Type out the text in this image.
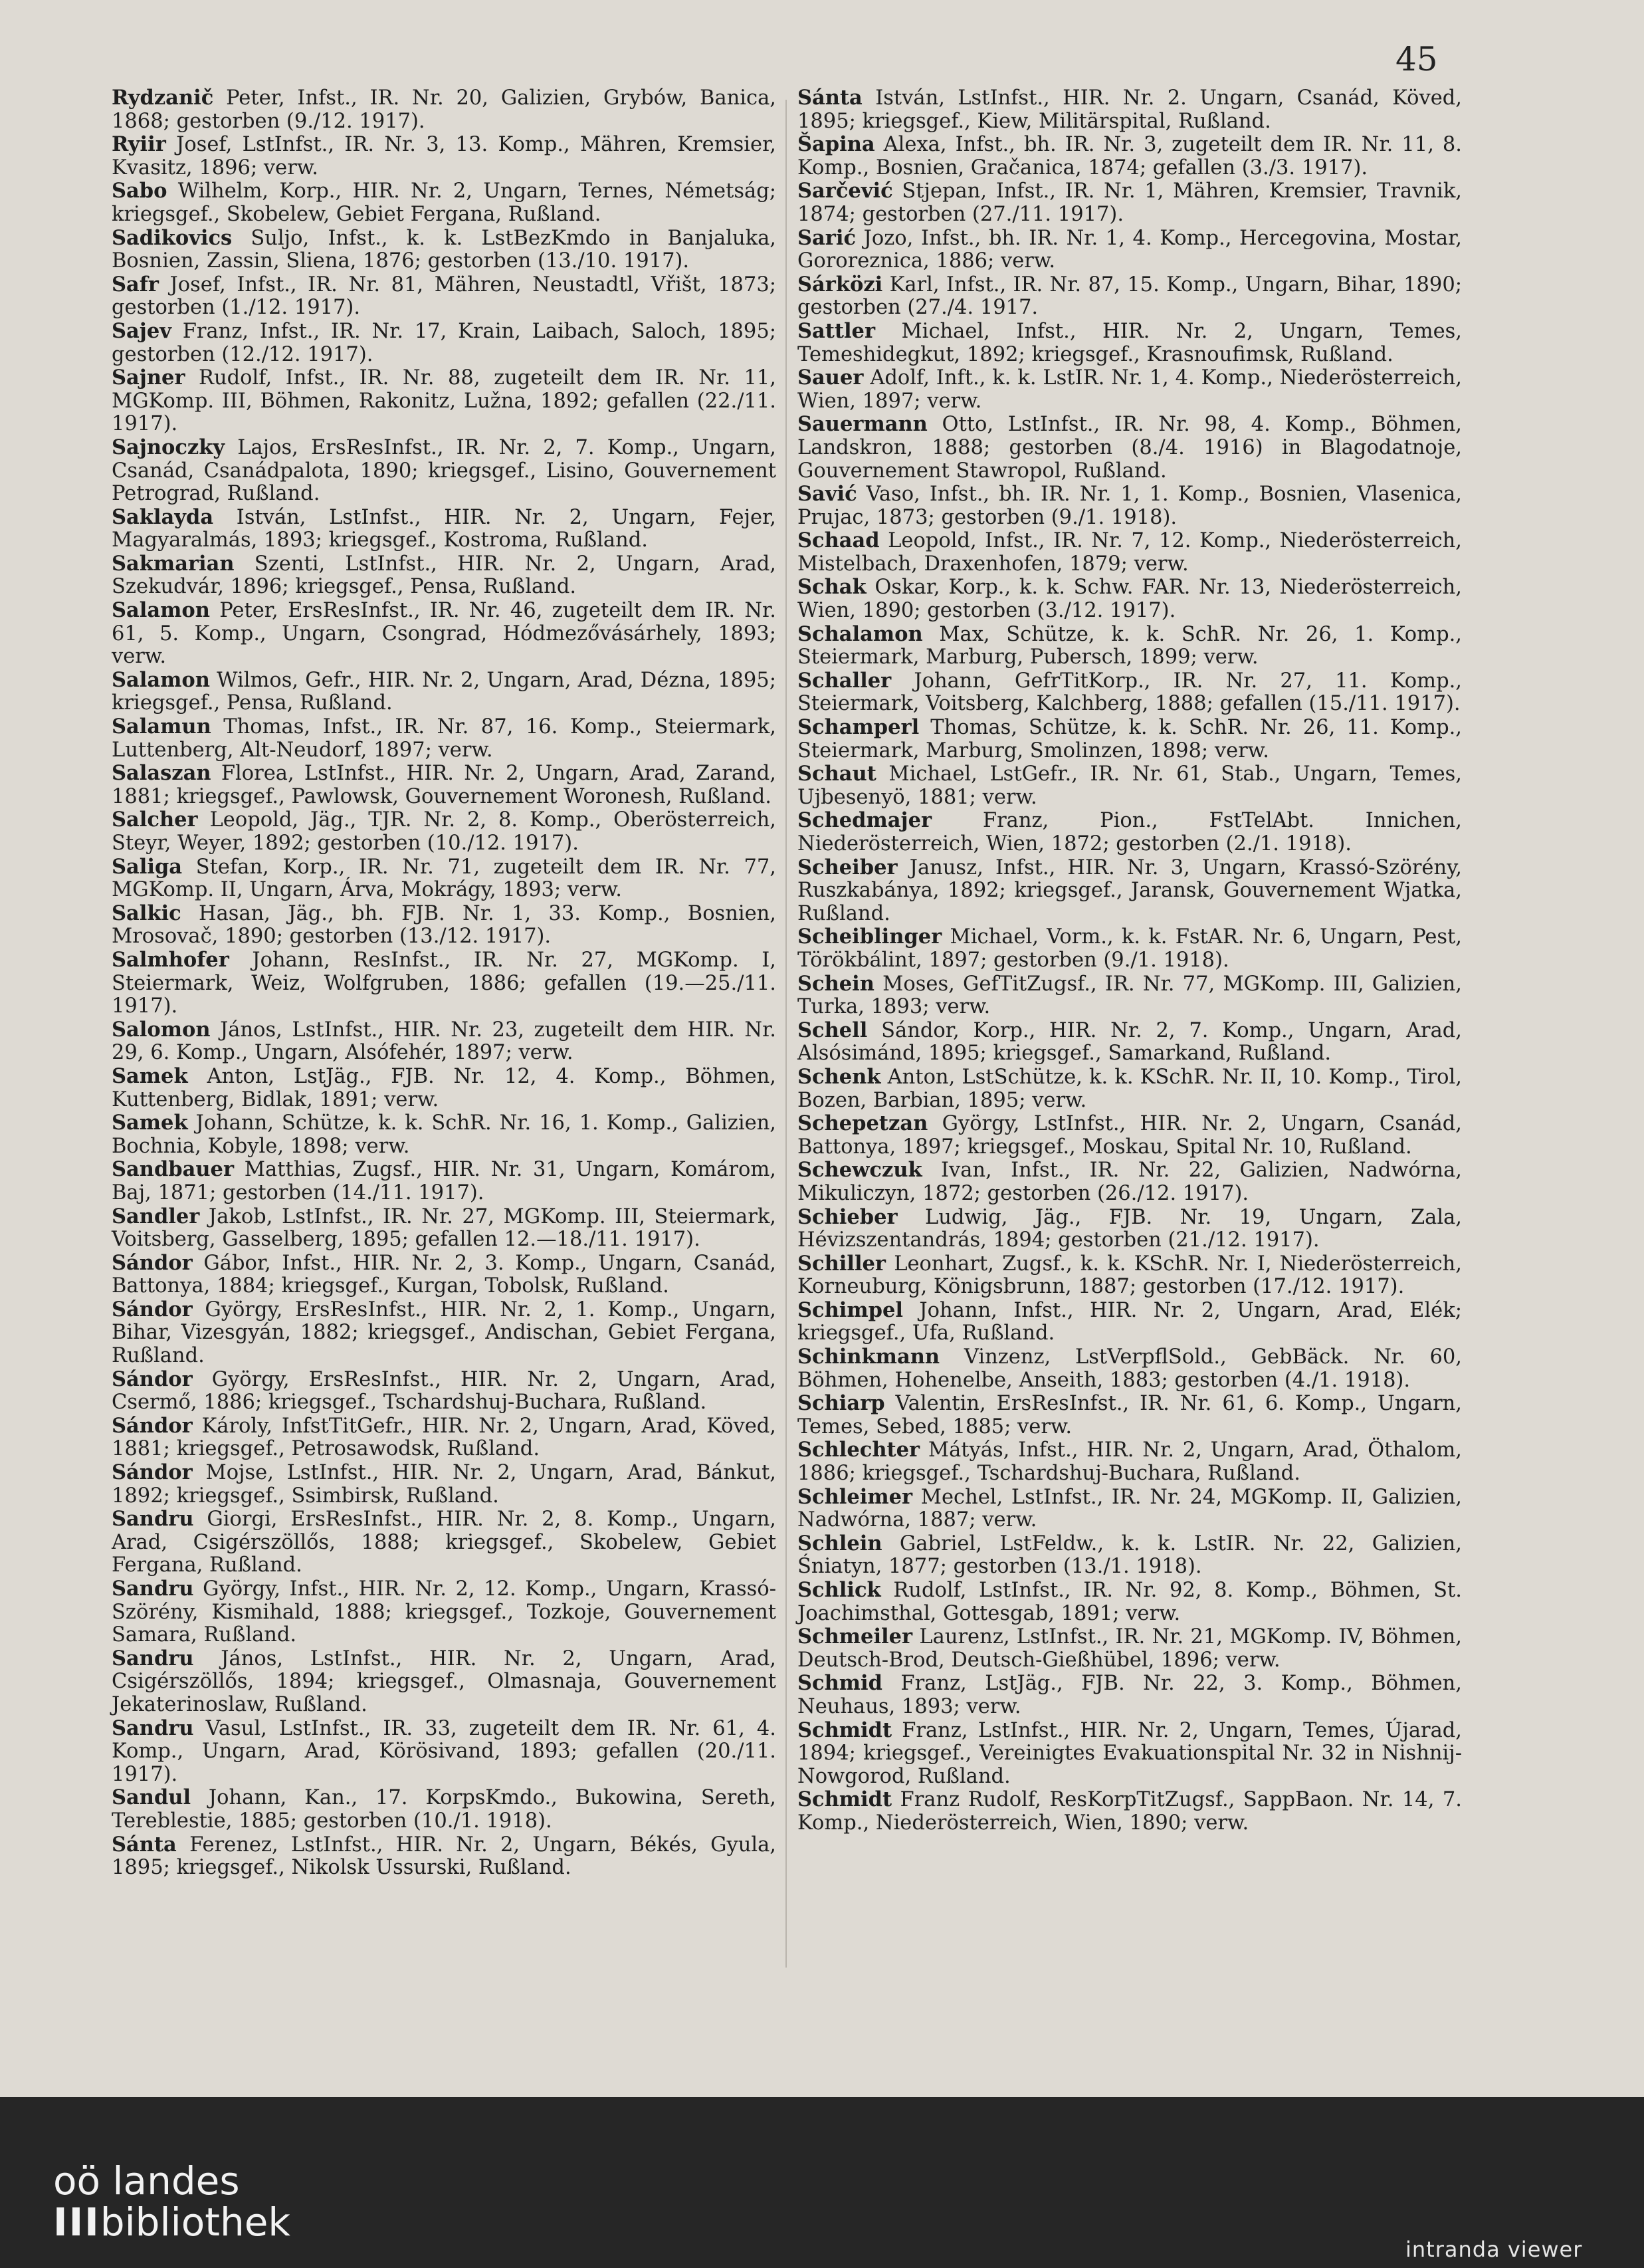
45
Rydzanič Peter, Infst., IR. Nr. 20, Galizien, Grybów, Banica, 1868; gestorben (9./12. 1917).
Ryiir Josef, LstInfst., IR. Nr. 3, 13. Komp., Mähren, Kremsier, Kvasitz, 1896; verw.
Sabo Wilhelm, Korp., HIR. Nr. 2, Ungarn, Ternes, Németság; kriegsgef., Skobelew, Gebiet Fergana, Rußland.
Sadikovics Suljo, Infst., k. k. LstBezKmdo in Banjaluka, Bosnien, Zassin, Sliena, 1876; gestorben (13./10. 1917).
Safr Josef, Infst., IR. Nr. 81, Mähren, Neustadtl, Vřišt, 1873; gestorben (1./12. 1917).
Sajev Franz, Infst., IR. Nr. 17, Krain, Laibach, Saloch, 1895; gestorben (12./12. 1917).
Sajner Rudolf, Infst., IR. Nr. 88, zugeteilt dem IR. Nr. 11, MGKomp. III, Böhmen, Rakonitz, Lužna, 1892; gefallen (22./11. 1917).
Sajnoczky Lajos, ErsResInfst., IR. Nr. 2, 7. Komp., Ungarn, Csanád, Csanádpalota, 1890; kriegsgef., Lisino, Gouvernement Petrograd, Rußland.
Saklayda István, LstInfst., HIR. Nr. 2, Ungarn, Fejer, Magyaralmás, 1893; kriegsgef., Kostroma, Rußland.
Sakmarian Szenti, LstInfst., HIR. Nr. 2, Ungarn, Arad, Szekudvár, 1896; kriegsgef., Pensa, Rußland.
Salamon Peter, ErsResInfst., IR. Nr. 46, zugeteilt dem IR. Nr. 61, 5. Komp., Ungarn, Csongrad, Hódmezővásárhely, 1893; verw.
Salamon Wilmos, Gefr., HIR. Nr. 2, Ungarn, Arad, Dézna, 1895; kriegsgef., Pensa, Rußland.
Salamun Thomas, Infst., IR. Nr. 87, 16. Komp., Steiermark, Luttenberg, Alt-Neudorf, 1897; verw.
Salaszan Florea, LstInfst., HIR. Nr. 2, Ungarn, Arad, Zarand, 1881; kriegsgef., Pawlowsk, Gouvernement Woronesh, Rußland.
Salcher Leopold, Jäg., TJR. Nr. 2, 8. Komp., Oberösterreich, Steyr, Weyer, 1892; gestorben (10./12. 1917).
Saliga Stefan, Korp., IR. Nr. 71, zugeteilt dem IR. Nr. 77, MGKomp. II, Ungarn, Árva, Mokrágy, 1893; verw.
Salkic Hasan, Jäg., bh. FJB. Nr. 1, 33. Komp., Bosnien, Mrosovač, 1890; gestorben (13./12. 1917).
Salmhofer Johann, ResInfst., IR. Nr. 27, MGKomp. I, Steiermark, Weiz, Wolfgruben, 1886; gefallen (19.—25./11. 1917).
Salomon János, LstInfst., HIR. Nr. 23, zugeteilt dem HIR. Nr. 29, 6. Komp., Ungarn, Alsófehér, 1897; verw.
Samek Anton, LstJäg., FJB. Nr. 12, 4. Komp., Böhmen, Kuttenberg, Bidlak, 1891; verw.
Samek Johann, Schütze, k. k. SchR. Nr. 16, 1. Komp., Galizien, Bochnia, Kobyle, 1898; verw.
Sandbauer Matthias, Zugsf., HIR. Nr. 31, Ungarn, Komárom, Baj, 1871; gestorben (14./11. 1917).
Sandler Jakob, LstInfst., IR. Nr. 27, MGKomp. III, Steiermark, Voitsberg, Gasselberg, 1895; gefallen 12.—18./11. 1917).
Sándor Gábor, Infst., HIR. Nr. 2, 3. Komp., Ungarn, Csanád, Battonya, 1884; kriegsgef., Kurgan, Tobolsk, Rußland.
Sándor György, ErsResInfst., HIR. Nr. 2, 1. Komp., Ungarn, Bihar, Vizesgyán, 1882; kriegsgef., Andischan, Gebiet Fergana, Rußland.
Sándor György, ErsResInfst., HIR. Nr. 2, Ungarn, Arad, Csermő, 1886; kriegsgef., Tschardshuj-Buchara, Rußland.
Sándor Károly, InfstTitGefr., HIR. Nr. 2, Ungarn, Arad, Köved, 1881; kriegsgef., Petrosawodsk, Rußland.
Sándor Mojse, LstInfst., HIR. Nr. 2, Ungarn, Arad, Bánkut, 1892; kriegsgef., Ssimbirsk, Rußland.
Sandru Giorgi, ErsResInfst., HIR. Nr. 2, 8. Komp., Ungarn, Arad, Csigérszöllős, 1888; kriegsgef., Skobelew, Gebiet Fergana, Rußland.
Sandru György, Infst., HIR. Nr. 2, 12. Komp., Ungarn, Krassó-Szörény, Kismihald, 1888; kriegsgef., Tozkoje, Gouvernement Samara, Rußland.
Sandru János, LstInfst., HIR. Nr. 2, Ungarn, Arad, Csigérszöllős, 1894; kriegsgef., Olmasnaja, Gouvernement Jekaterinoslaw, Rußland.
Sandru Vasul, LstInfst., IR. 33, zugeteilt dem IR. Nr. 61, 4. Komp., Ungarn, Arad, Körösivand, 1893; gefallen (20./11. 1917).
Sandul Johann, Kan., 17. KorpsKmdo., Bukowina, Sereth, Tereblestie, 1885; gestorben (10./1. 1918).
Sánta Ferenez, LstInfst., HIR. Nr. 2, Ungarn, Békés, Gyula, 1895; kriegsgef., Nikolsk Ussurski, Rußland.
Sánta István, LstInfst., HIR. Nr. 2. Ungarn, Csanád, Köved, 1895; kriegsgef., Kiew, Militärspital, Rußland.
Šapina Alexa, Infst., bh. IR. Nr. 3, zugeteilt dem IR. Nr. 11, 8. Komp., Bosnien, Gračanica, 1874; gefallen (3./3. 1917).
Sarčević Stjepan, Infst., IR. Nr. 1, Mähren, Kremsier, Travnik, 1874; gestorben (27./11. 1917).
Sarić Jozo, Infst., bh. IR. Nr. 1, 4. Komp., Hercegovina, Mostar, Gororeznica, 1886; verw.
Sárközi Karl, Infst., IR. Nr. 87, 15. Komp., Ungarn, Bihar, 1890; gestorben (27./4. 1917.
Sattler Michael, Infst., HIR. Nr. 2, Ungarn, Temes, Temeshidegkut, 1892; kriegsgef., Krasnoufimsk, Rußland.
Sauer Adolf, Inft., k. k. LstIR. Nr. 1, 4. Komp., Niederösterreich, Wien, 1897; verw.
Sauermann Otto, LstInfst., IR. Nr. 98, 4. Komp., Böhmen, Landskron, 1888; gestorben (8./4. 1916) in Blagodatnoje, Gouvernement Stawropol, Rußland.
Savić Vaso, Infst., bh. IR. Nr. 1, 1. Komp., Bosnien, Vlasenica, Prujac, 1873; gestorben (9./1. 1918).
Schaad Leopold, Infst., IR. Nr. 7, 12. Komp., Niederösterreich, Mistelbach, Draxenhofen, 1879; verw.
Schak Oskar, Korp., k. k. Schw. FAR. Nr. 13, Niederösterreich, Wien, 1890; gestorben (3./12. 1917).
Schalamon Max, Schütze, k. k. SchR. Nr. 26, 1. Komp., Steiermark, Marburg, Pubersch, 1899; verw.
Schaller Johann, GefrTitKorp., IR. Nr. 27, 11. Komp., Steiermark, Voitsberg, Kalchberg, 1888; gefallen (15./11. 1917).
Schamperl Thomas, Schütze, k. k. SchR. Nr. 26, 11. Komp., Steiermark, Marburg, Smolinzen, 1898; verw.
Schaut Michael, LstGefr., IR. Nr. 61, Stab., Ungarn, Temes, Ujbesenyö, 1881; verw.
Schedmajer Franz, Pion., FstTelAbt. Innichen, Niederösterreich, Wien, 1872; gestorben (2./1. 1918).
Scheiber Janusz, Infst., HIR. Nr. 3, Ungarn, Krassó-Szörény, Ruszkabánya, 1892; kriegsgef., Jaransk, Gouvernement Wjatka, Rußland.
Scheiblinger Michael, Vorm., k. k. FstAR. Nr. 6, Ungarn, Pest, Törökbálint, 1897; gestorben (9./1. 1918).
Schein Moses, GefTitZugsf., IR. Nr. 77, MGKomp. III, Galizien, Turka, 1893; verw.
Schell Sándor, Korp., HIR. Nr. 2, 7. Komp., Ungarn, Arad, Alsósimánd, 1895; kriegsgef., Samarkand, Rußland.
Schenk Anton, LstSchütze, k. k. KSchR. Nr. II, 10. Komp., Tirol, Bozen, Barbian, 1895; verw.
Schepetzan György, LstInfst., HIR. Nr. 2, Ungarn, Csanád, Battonya, 1897; kriegsgef., Moskau, Spital Nr. 10, Rußland.
Schewczuk Ivan, Infst., IR. Nr. 22, Galizien, Nadwórna, Mikuliczyn, 1872; gestorben (26./12. 1917).
Schieber Ludwig, Jäg., FJB. Nr. 19, Ungarn, Zala, Hévizszentandrás, 1894; gestorben (21./12. 1917).
Schiller Leonhart, Zugsf., k. k. KSchR. Nr. I, Niederösterreich, Korneuburg, Königsbrunn, 1887; gestorben (17./12. 1917).
Schimpel Johann, Infst., HIR. Nr. 2, Ungarn, Arad, Elék; kriegsgef., Ufa, Rußland.
Schinkmann Vinzenz, LstVerpflSold., GebBäck. Nr. 60, Böhmen, Hohenelbe, Anseith, 1883; gestorben (4./1. 1918).
Schiarp Valentin, ErsResInfst., IR. Nr. 61, 6. Komp., Ungarn, Temes, Sebed, 1885; verw.
Schlechter Mátyás, Infst., HIR. Nr. 2, Ungarn, Arad, Öthalom, 1886; kriegsgef., Tschardshuj-Buchara, Rußland.
Schleimer Mechel, LstInfst., IR. Nr. 24, MGKomp. II, Galizien, Nadwórna, 1887; verw.
Schlein Gabriel, LstFeldw., k. k. LstIR. Nr. 22, Galizien, Śniatyn, 1877; gestorben (13./1. 1918).
Schlick Rudolf, LstInfst., IR. Nr. 92, 8. Komp., Böhmen, St. Joachimsthal, Gottesgab, 1891; verw.
Schmeiler Laurenz, LstInfst., IR. Nr. 21, MGKomp. IV, Böhmen, Deutsch-Brod, Deutsch-Gießhübel, 1896; verw.
Schmid Franz, LstJäg., FJB. Nr. 22, 3. Komp., Böhmen, Neuhaus, 1893; verw.
Schmidt Franz, LstInfst., HIR. Nr. 2, Ungarn, Temes, Újarad, 1894; kriegsgef., Vereinigtes Evakuationspital Nr. 32 in Nishnij-Nowgorod, Rußland.
Schmidt Franz Rudolf, ResKorpTitZugsf., SappBaon. Nr. 14, 7. Komp., Niederösterreich, Wien, 1890; verw.
oö landes
IIIbibliothek
intranda viewer
